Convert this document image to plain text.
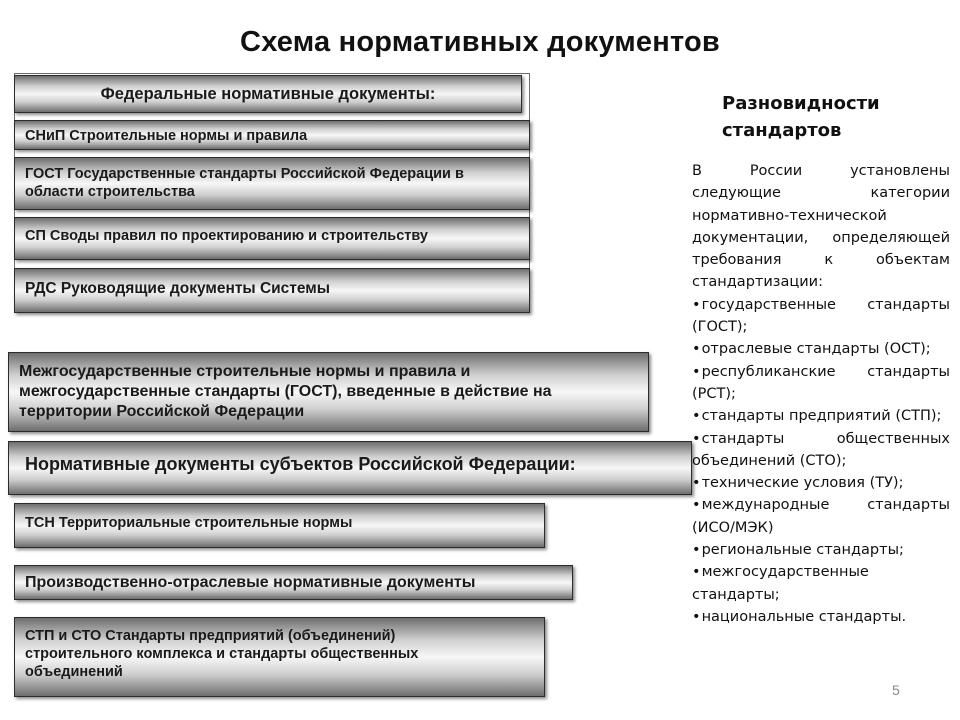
Схема нормативных документов
Федеральные нормативные документы:
СНиП Строительные нормы и правила
ГОСТ Государственные стандарты Российской Федерации в области строительства
СП Своды правил по проектированию и строительству
РДС Руководящие документы Системы
Межгосударственные строительные нормы и правила и межгосударственные стандарты (ГОСТ), введенные в действие на территории Российской Федерации
Нормативные документы субъектов Российской Федерации:
ТСН Территориальные строительные нормы
Производственно-отраслевые нормативные документы
СТП и СТО Стандарты предприятий (объединений) строительного комплекса и стандарты общественных объединений
Разновидности
стандартов

В России установлены следующие категории нормативно-технической документации, определяющей требования к объектам стандартизации:

• государственные стандарты (ГОСТ);
• отраслевые стандарты (ОСТ);
• республиканские стандарты (РСТ);
• стандарты предприятий (СТП);
• стандарты общественных объединений (СТО);
• технические условия (ТУ);
• международные стандарты (ИСО/МЭК)
• региональные стандарты;
• межгосударственные стандарты;
• национальные стандарты.
5
